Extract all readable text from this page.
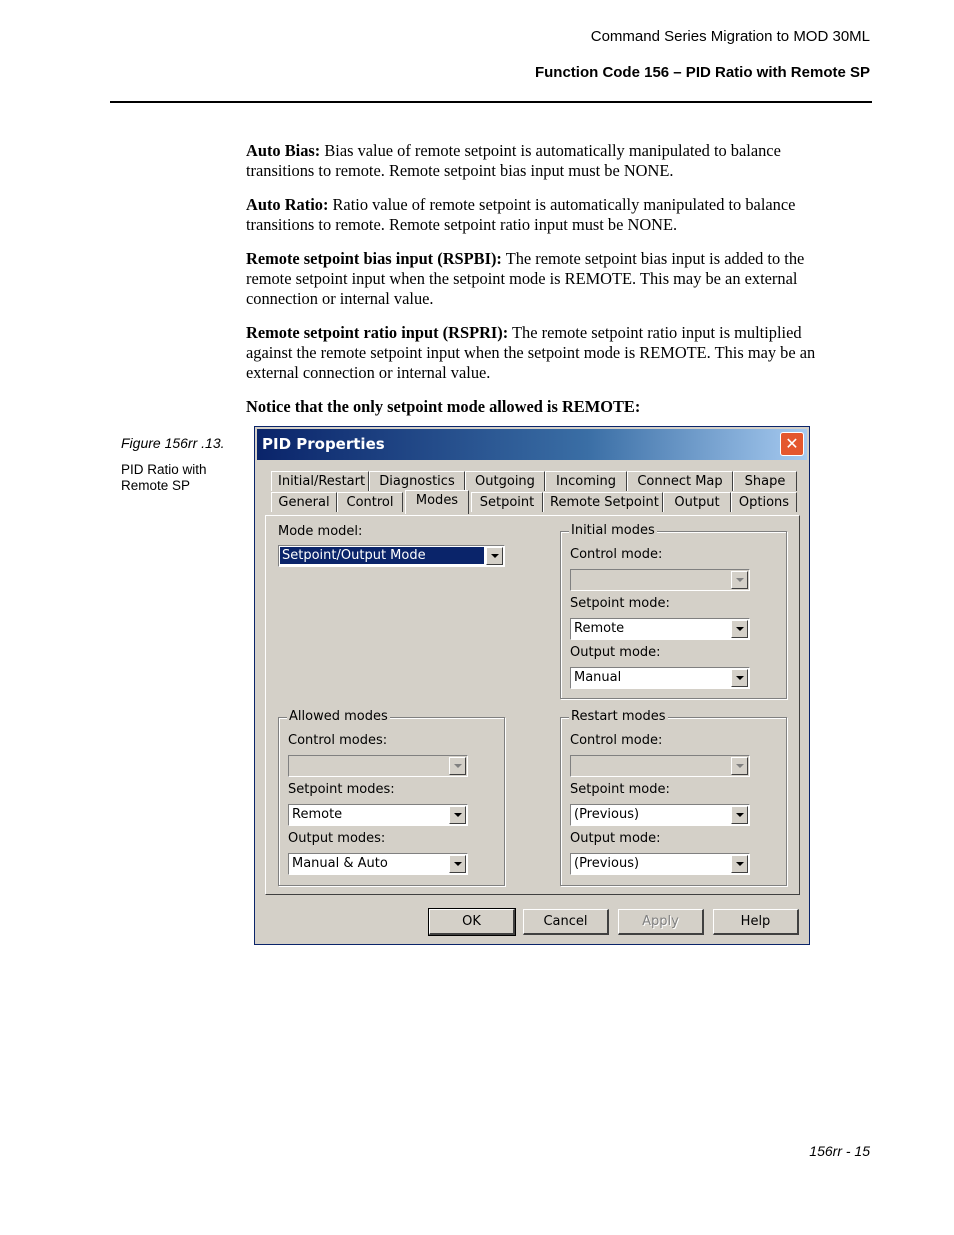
Command Series Migration to MOD 30ML
Function Code 156 – PID Ratio with Remote SP
Auto Bias: Bias value of remote setpoint is automatically manipulated to balance transitions to remote. Remote setpoint bias input must be NONE.
Auto Ratio: Ratio value of remote setpoint is automatically manipulated to balance transitions to remote. Remote setpoint ratio input must be NONE.
Remote setpoint bias input (RSPBI): The remote setpoint bias input is added to the remote setpoint input when the setpoint mode is REMOTE. This may be an external connection or internal value.
Remote setpoint ratio input (RSPRI): The remote setpoint ratio input is multiplied against the remote setpoint input when the setpoint mode is REMOTE. This may be an external connection or internal value.
Notice that the only setpoint mode allowed is REMOTE:
Figure 156rr .13.
PID Ratio with Remote SP
PID Properties	✕
Initial/Restart	Diagnostics	Outgoing	Incoming	Connect Map	Shape
General	Control	Modes	Setpoint	Remote Setpoint	Output	Options
Mode model:
Setpoint/Output Mode
Initial modes
Control mode:
Setpoint mode:
Remote
Output mode:
Manual
Allowed modes
Control modes:
Setpoint modes:
Remote
Output modes:
Manual & Auto
Restart modes
Control mode:
Setpoint mode:
(Previous)
Output mode:
(Previous)
OK	Cancel	Apply	Help
156rr - 15
